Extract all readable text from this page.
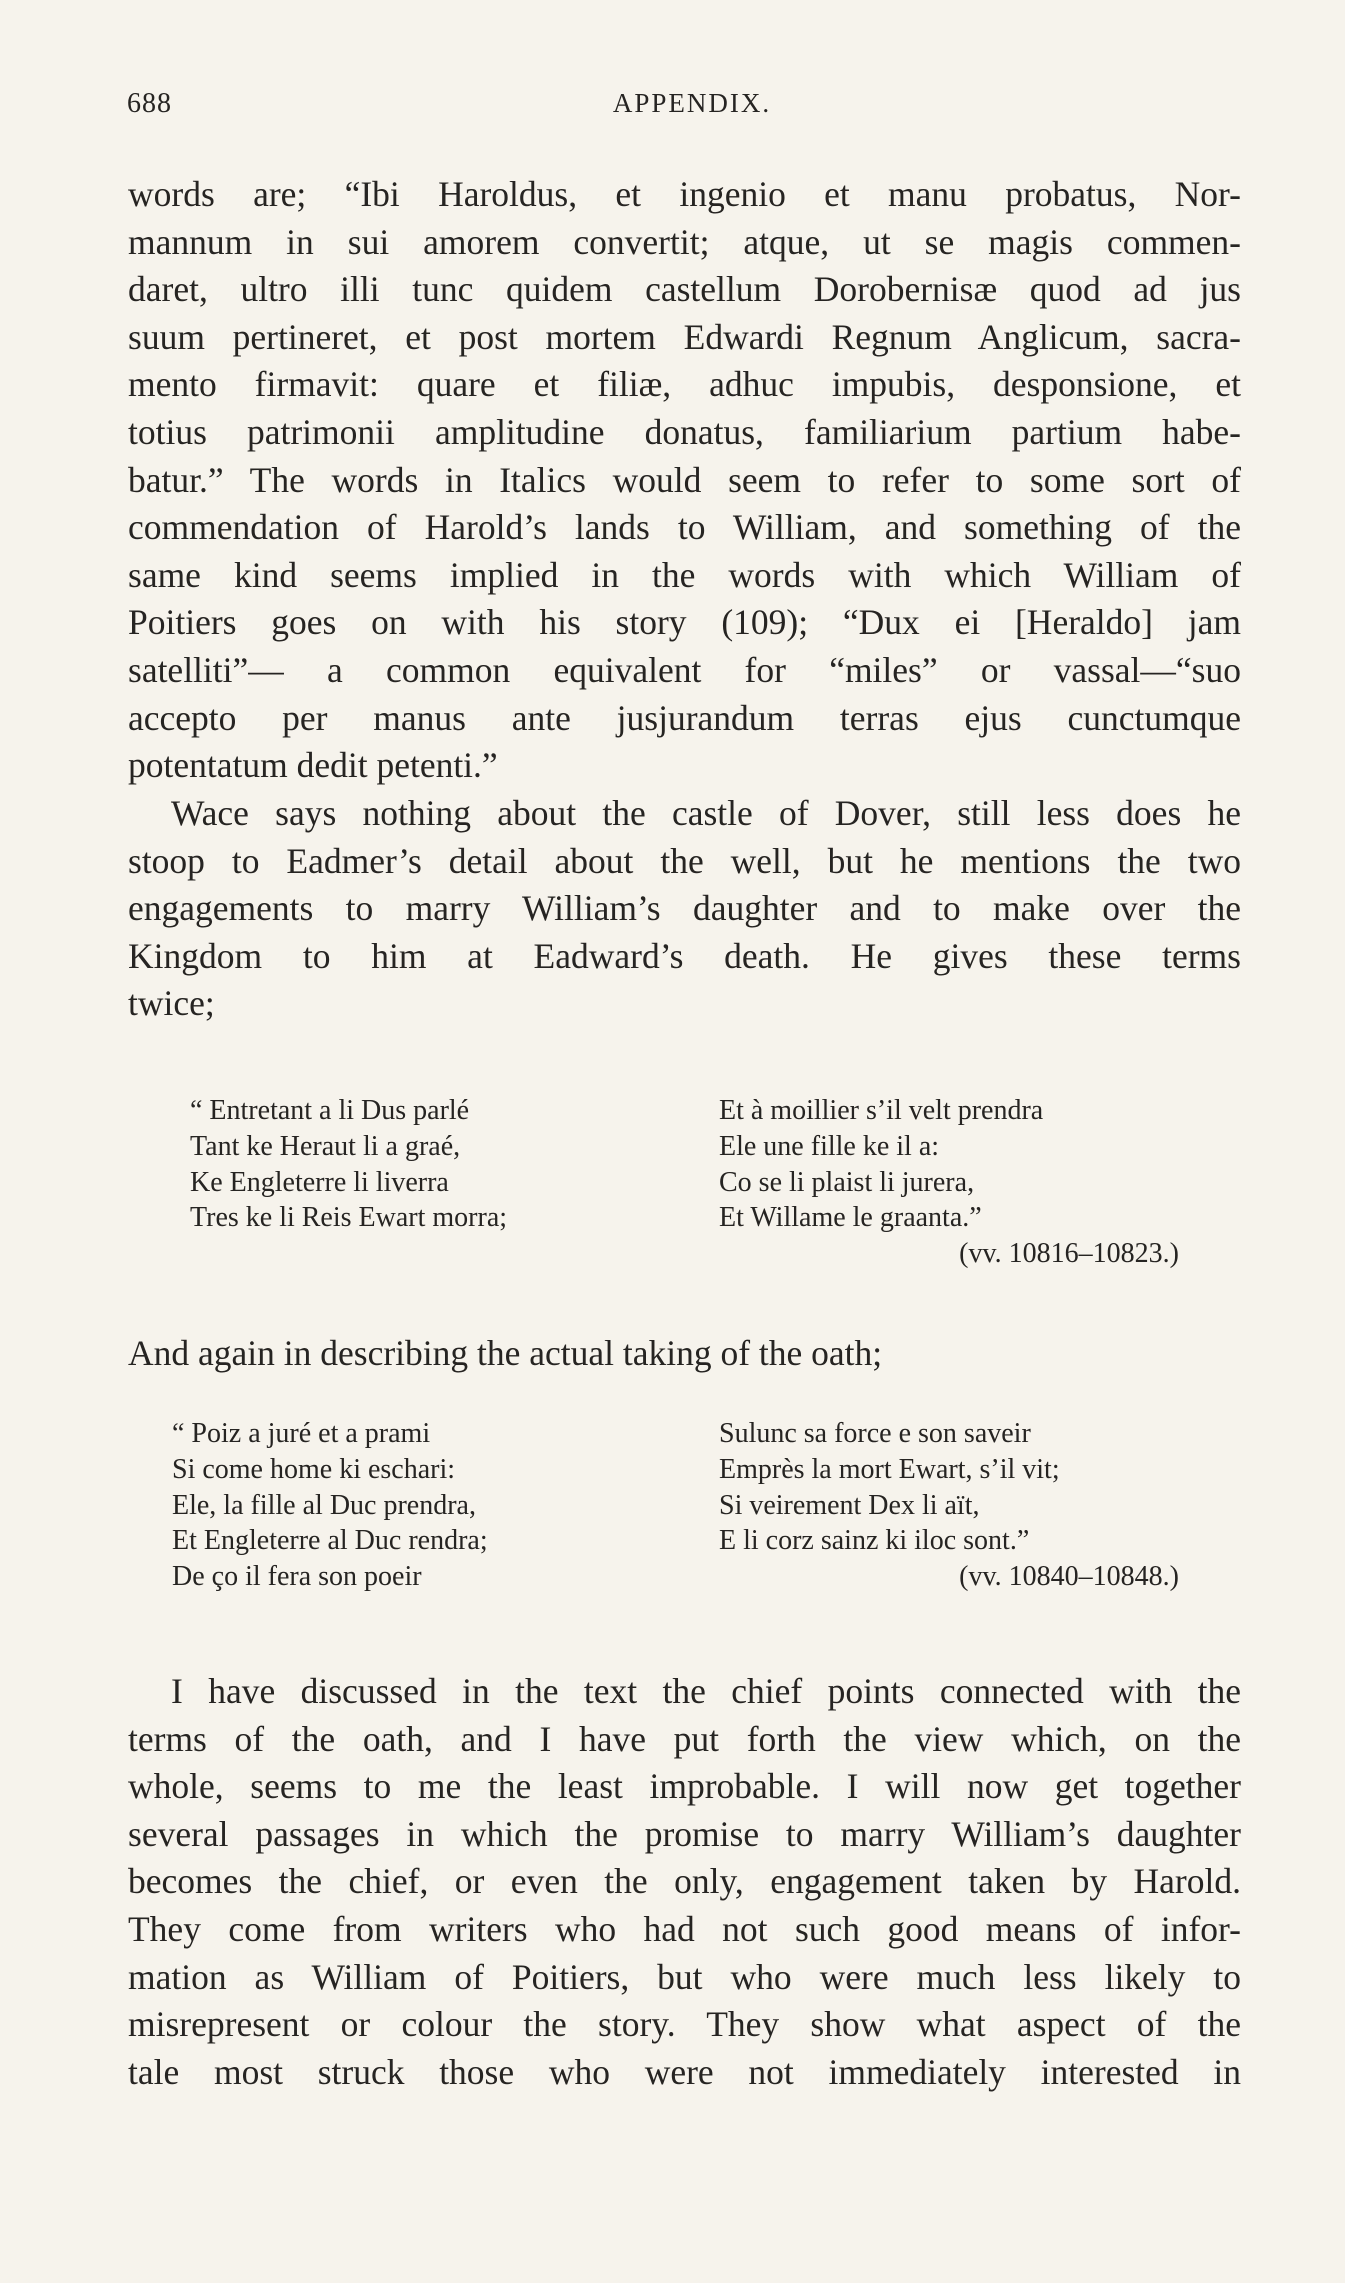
688	APPENDIX.
words are; “Ibi Haroldus, et ingenio et manu probatus, Nor-
mannum in sui amorem convertit; atque, ut se magis commen-
daret, ultro illi tunc quidem castellum Dorobernisæ quod ad jus
suum pertineret, et post mortem Edwardi Regnum Anglicum, sacra-
mento firmavit: quare et filiæ, adhuc impubis, desponsione, et
totius patrimonii amplitudine donatus, familiarium partium habe-
batur.” The words in Italics would seem to refer to some sort of
commendation of Harold’s lands to William, and something of the
same kind seems implied in the words with which William of
Poitiers goes on with his story (109); “Dux ei [Heraldo] jam
satelliti”— a common equivalent for “miles” or vassal—“suo
accepto per manus ante jusjurandum terras ejus cunctumque
potentatum dedit petenti.”
Wace says nothing about the castle of Dover, still less does he
stoop to Eadmer’s detail about the well, but he mentions the two
engagements to marry William’s daughter and to make over the
Kingdom to him at Eadward’s death. He gives these terms
twice;
“ Entretant a li Dus parlé
Tant ke Heraut li a graé,
Ke Engleterre li liverra
Tres ke li Reis Ewart morra;
Et à moillier s’il velt prendra
Ele une fille ke il a:
Co se li plaist li jurera,
Et Willame le graanta.”
(vv. 10816–10823.)
And again in describing the actual taking of the oath;
“ Poiz a juré et a prami
Si come home ki eschari:
Ele, la fille al Duc prendra,
Et Engleterre al Duc rendra;
De ço il fera son poeir
Sulunc sa force e son saveir
Emprès la mort Ewart, s’il vit;
Si veirement Dex li aït,
E li corz sainz ki iloc sont.”
(vv. 10840–10848.)
I have discussed in the text the chief points connected with the
terms of the oath, and I have put forth the view which, on the
whole, seems to me the least improbable. I will now get together
several passages in which the promise to marry William’s daughter
becomes the chief, or even the only, engagement taken by Harold.
They come from writers who had not such good means of infor-
mation as William of Poitiers, but who were much less likely to
misrepresent or colour the story. They show what aspect of the
tale most struck those who were not immediately interested in
